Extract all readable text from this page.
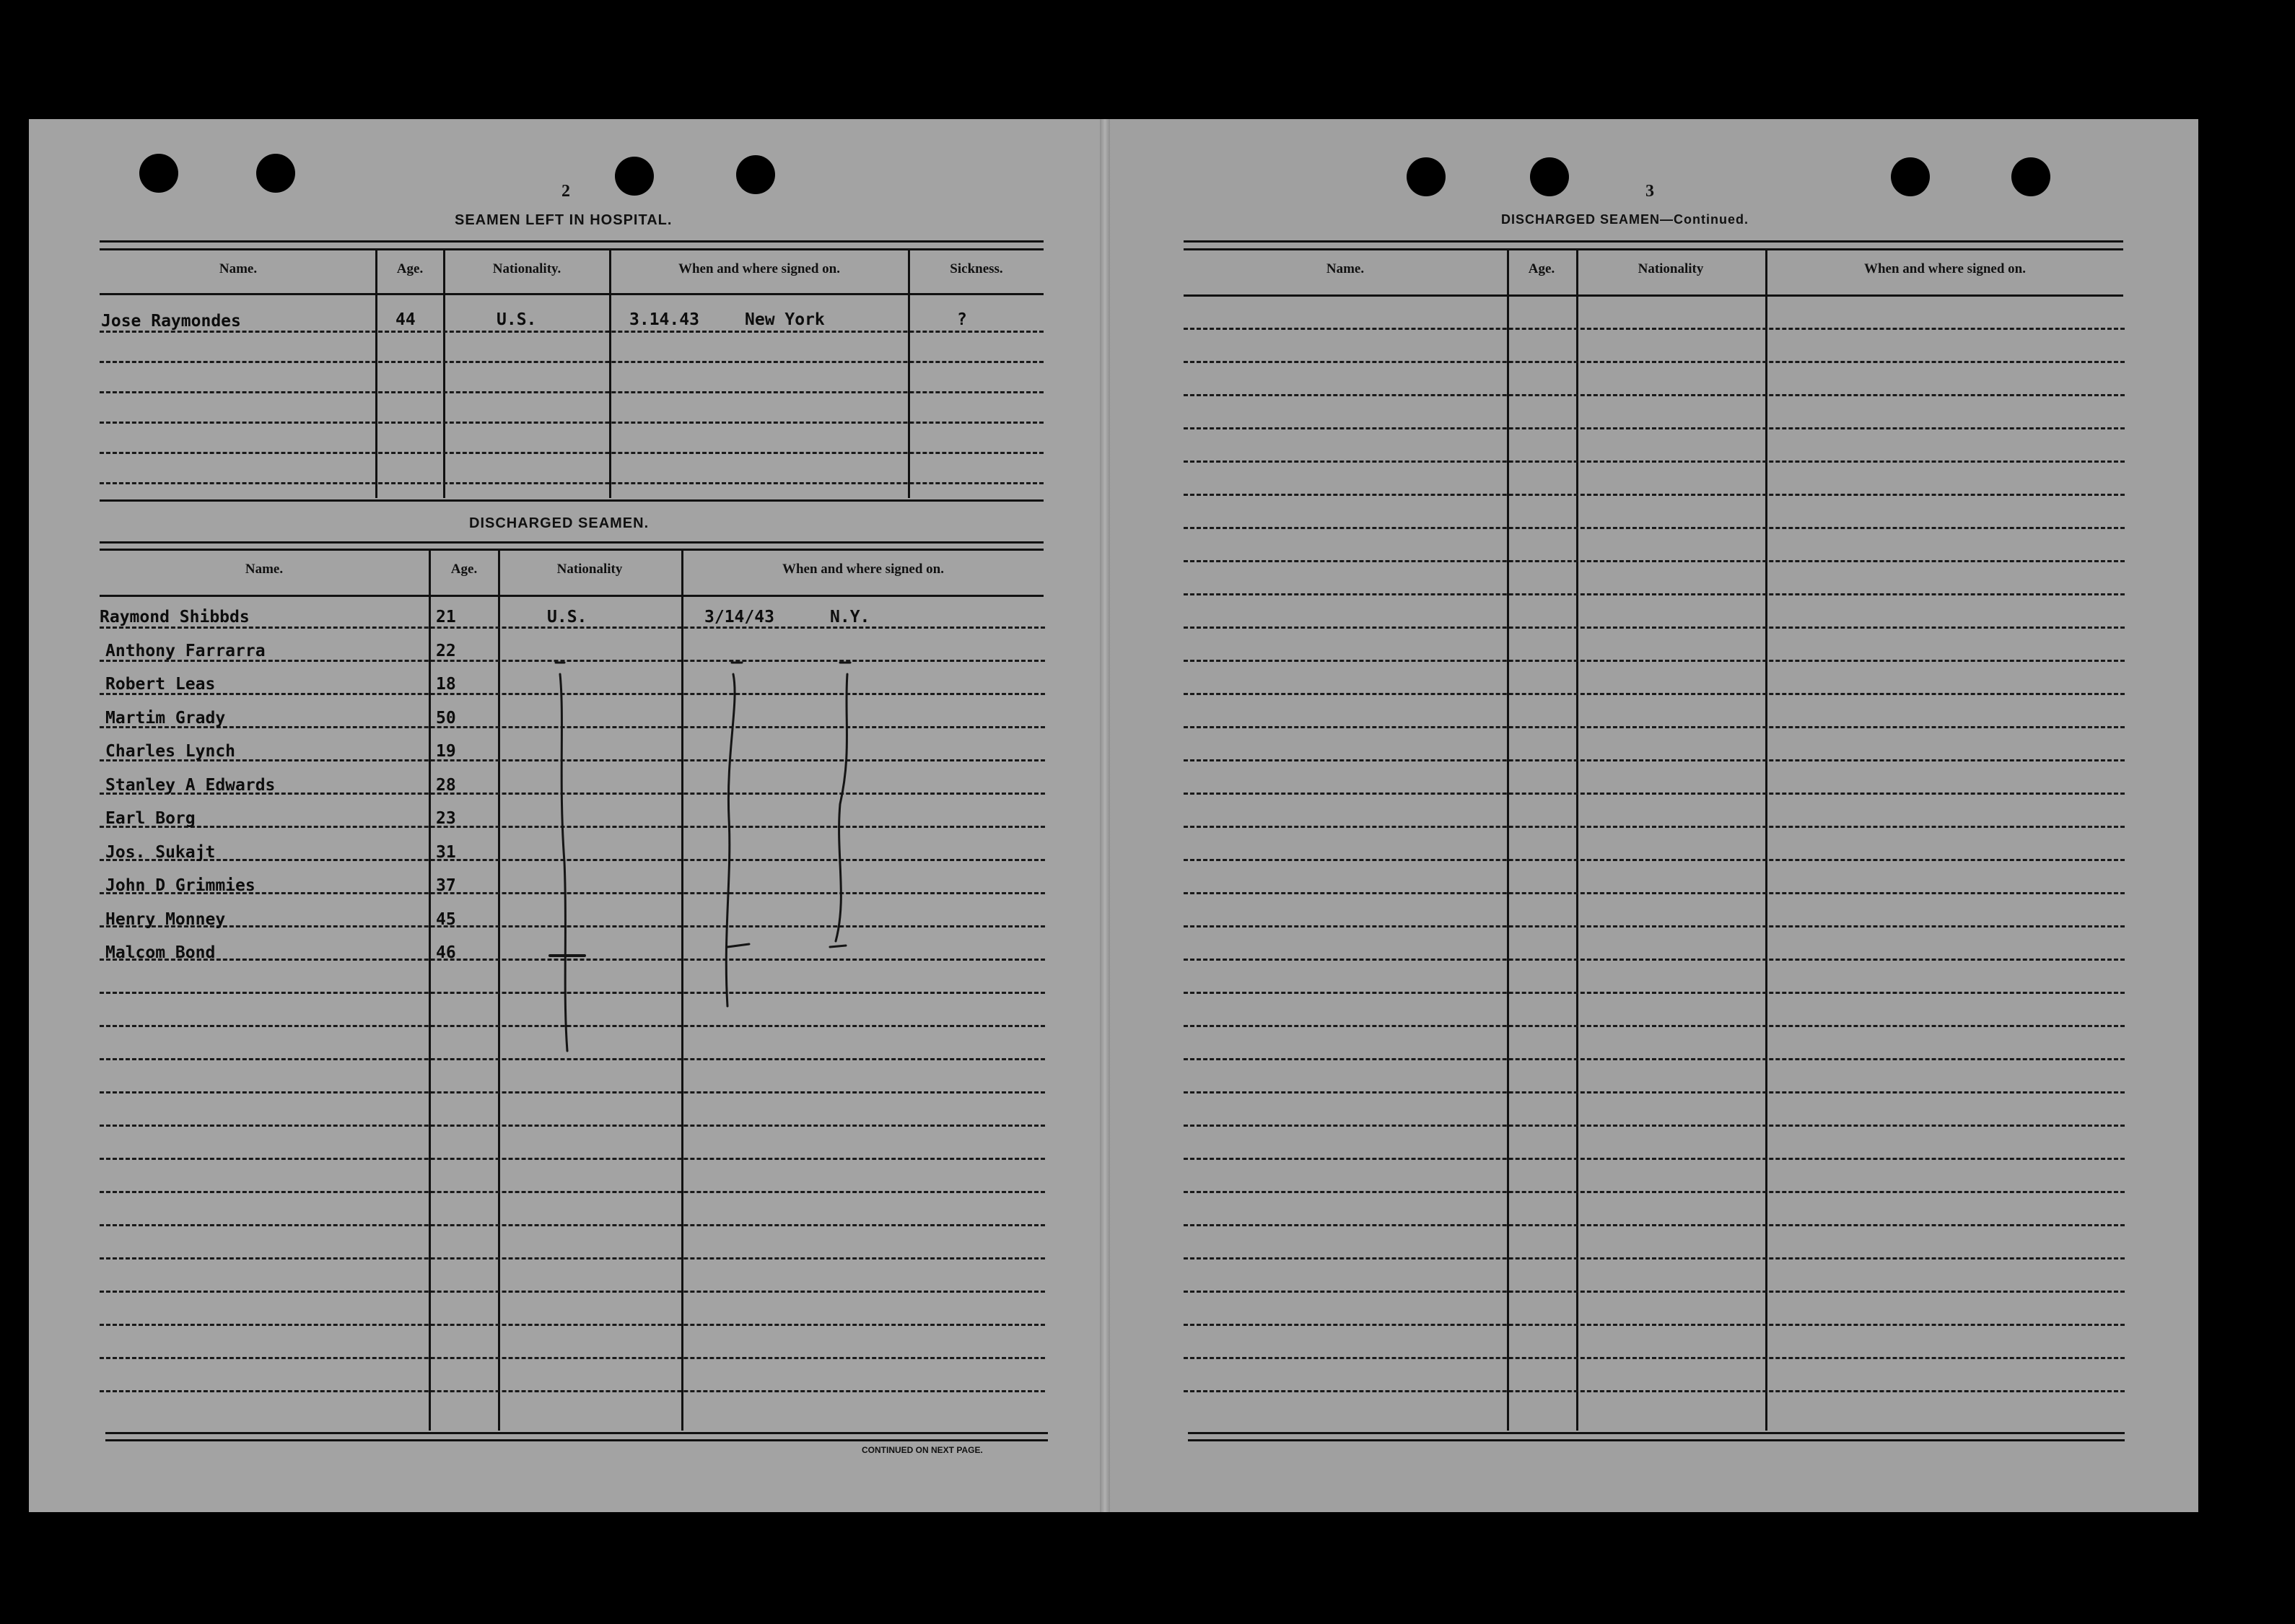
2
SEAMEN LEFT IN HOSPITAL.
Name.	Age.	Nationality.	When and where signed on.	Sickness.
Jose Raymondes	44	U.S.	3.14.43	New York	?
DISCHARGED SEAMEN.
Name.	Age.	Nationality	When and where signed on.
CONTINUED ON NEXT PAGE.
Raymond Shibbds	21	U.S.	3/14/43	N.Y.
Anthony Farrarra	22
Robert Leas	18
Martim Grady	50
Charles Lynch	19
Stanley A Edwards	28
Earl Borg	23
Jos. Sukajt	31
John D Grimmies	37
Henry Monney	45
Malcom Bond	46
3
DISCHARGED SEAMEN—Continued.
Name.	Age.	Nationality	When and where signed on.
